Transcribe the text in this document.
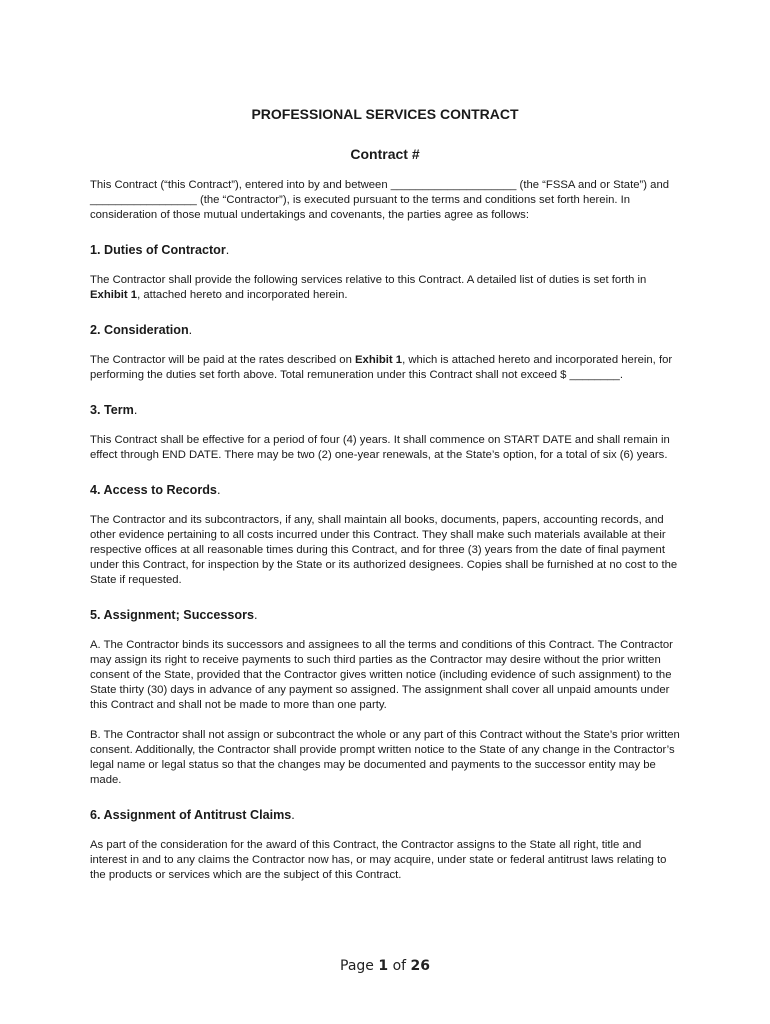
PROFESSIONAL SERVICES CONTRACT
Contract #

This Contract (“this Contract”), entered into by and between ____________________ (the “FSSA and or State”) and _________________ (the “Contractor”), is executed pursuant to the terms and conditions set forth herein. In consideration of those mutual undertakings and covenants, the parties agree as follows:

1. Duties of Contractor.

The Contractor shall provide the following services relative to this Contract. A detailed list of duties is set forth in Exhibit 1, attached hereto and incorporated herein.

2. Consideration.

The Contractor will be paid at the rates described on Exhibit 1, which is attached hereto and incorporated herein, for performing the duties set forth above. Total remuneration under this Contract shall not exceed $ ________.

3. Term.

This Contract shall be effective for a period of four (4) years. It shall commence on START DATE and shall remain in effect through END DATE. There may be two (2) one-year renewals, at the State’s option, for a total of six (6) years.

4. Access to Records.

The Contractor and its subcontractors, if any, shall maintain all books, documents, papers, accounting records, and other evidence pertaining to all costs incurred under this Contract. They shall make such materials available at their respective offices at all reasonable times during this Contract, and for three (3) years from the date of final payment under this Contract, for inspection by the State or its authorized designees. Copies shall be furnished at no cost to the State if requested.

5. Assignment; Successors.

A. The Contractor binds its successors and assignees to all the terms and conditions of this Contract. The Contractor may assign its right to receive payments to such third parties as the Contractor may desire without the prior written consent of the State, provided that the Contractor gives written notice (including evidence of such assignment) to the State thirty (30) days in advance of any payment so assigned. The assignment shall cover all unpaid amounts under this Contract and shall not be made to more than one party.

B. The Contractor shall not assign or subcontract the whole or any part of this Contract without the State’s prior written consent. Additionally, the Contractor shall provide prompt written notice to the State of any change in the Contractor’s legal name or legal status so that the changes may be documented and payments to the successor entity may be made.

6. Assignment of Antitrust Claims.

As part of the consideration for the award of this Contract, the Contractor assigns to the State all right, title and interest in and to any claims the Contractor now has, or may acquire, under state or federal antitrust laws relating to the products or services which are the subject of this Contract.

Page 1 of 26
